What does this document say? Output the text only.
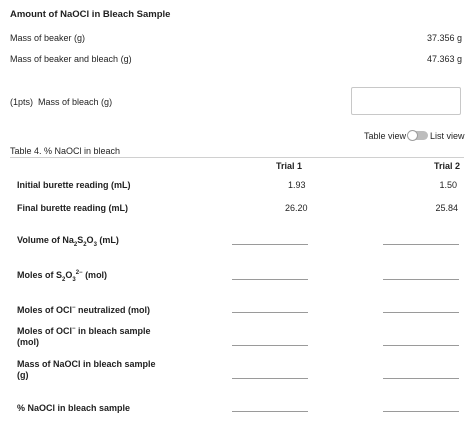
Amount of NaOCl in Bleach Sample
Mass of beaker (g)	37.356 g
Mass of beaker and bleach (g)	47.363 g
(1pts) Mass of bleach (g)
Table view	List view
Table 4. % NaOCl in bleach
Trial 1	Trial 2
Initial burette reading (mL)	1.93	1.50
Final burette reading (mL)	26.20	25.84
Volume of $Na_2S_2O_3$ (mL)
Moles of $S_2O_3^{2-}$ (mol)
Moles of OCl− neutralized (mol)
Moles of OCl− in bleach sample
(mol)
Mass of NaOCl in bleach sample
(g)
% NaOCl in bleach sample
